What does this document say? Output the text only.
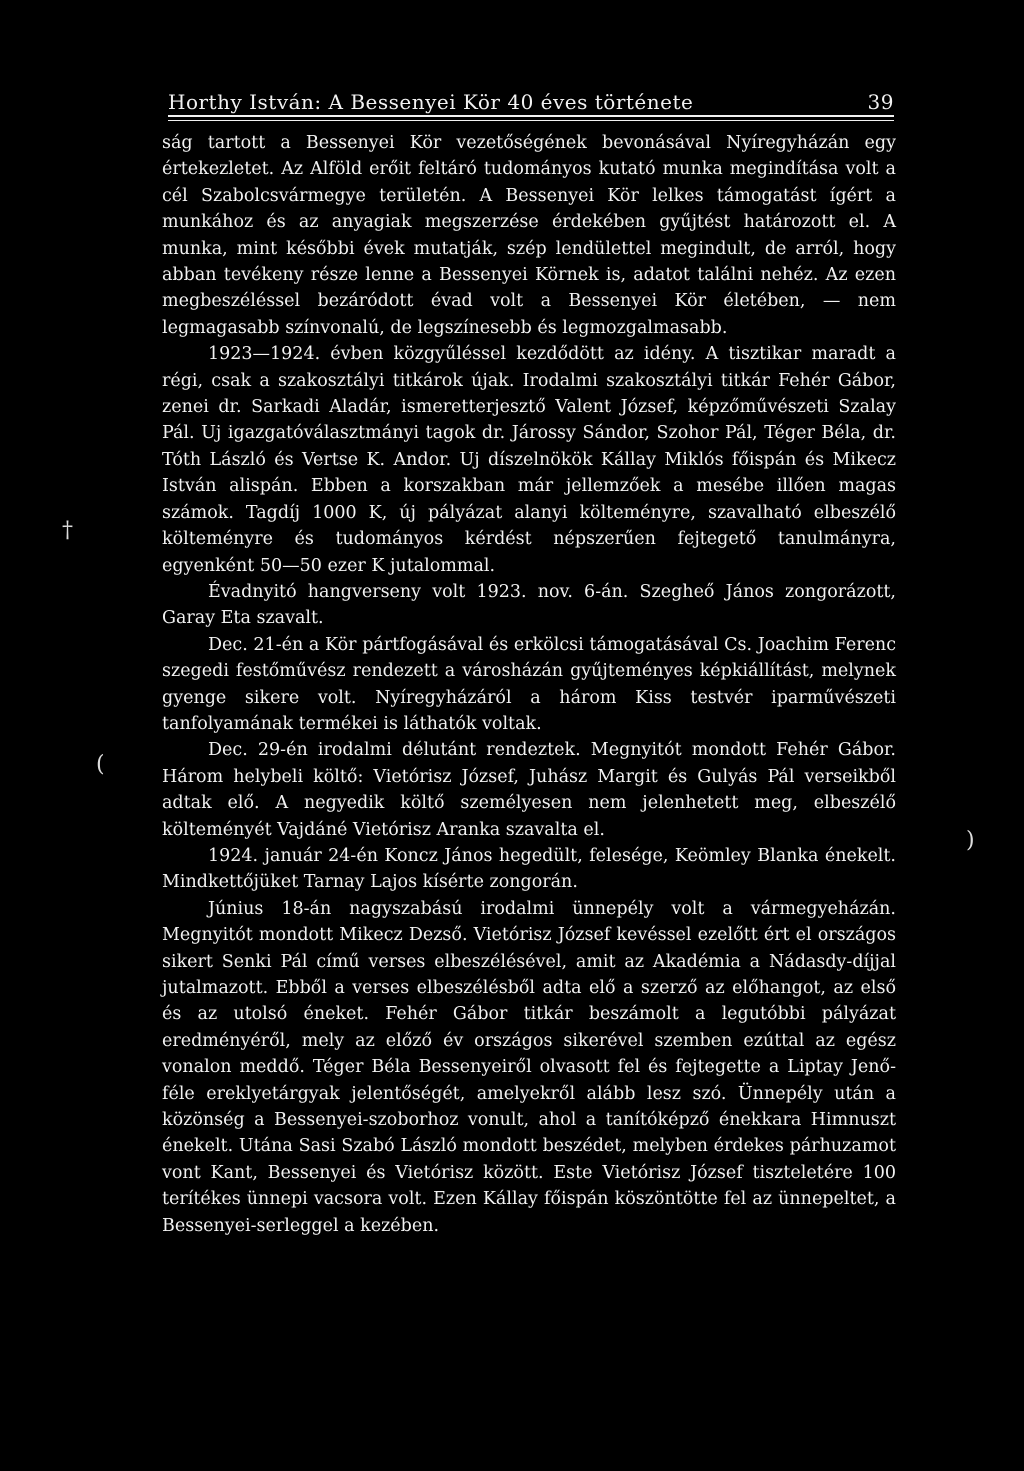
Horthy István: A Bessenyei Kör 40 éves története	39

ság tartott a Bessenyei Kör vezetőségének bevonásával Nyíregyházán egy értekezletet. Az Alföld erőit feltáró tudományos kutató munka megindítása volt a cél Szabolcsvármegye területén. A Bessenyei Kör lelkes támogatást ígért a munkához és az anyagiak megszerzése érdekében gyűjtést határozott el. A munka, mint későbbi évek mutatják, szép lendülettel megindult, de arról, hogy abban tevékeny része lenne a Bessenyei Körnek is, adatot találni nehéz. Az ezen megbeszéléssel bezáródott évad volt a Bessenyei Kör életében, — nem legmagasabb színvonalú, de legszínesebb és legmozgalmasabb.

1923—1924. évben közgyűléssel kezdődött az idény. A tisztikar maradt a régi, csak a szakosztályi titkárok újak. Irodalmi szakosztályi titkár Fehér Gábor, zenei dr. Sarkadi Aladár, ismeretterjesztő Valent József, képzőművészeti Szalay Pál. Uj igazgatóválasztmányi tagok dr. Járossy Sándor, Szohor Pál, Téger Béla, dr. Tóth László és Vertse K. Andor. Uj díszelnökök Kállay Miklós főispán és Mikecz István alispán. Ebben a korszakban már jellemzőek a mesébe illően magas számok. Tagdíj 1000 K, új pályázat alanyi költeményre, szavalható elbeszélő költeményre és tudományos kérdést népszerűen fejtegető tanulmányra, egyenként 50—50 ezer K jutalommal.

Évadnyitó hangverseny volt 1923. nov. 6-án. Szegheő János zongorázott, Garay Eta szavalt.

Dec. 21-én a Kör pártfogásával és erkölcsi támogatásával Cs. Joachim Ferenc szegedi festőművész rendezett a városházán gyűjteményes képkiállítást, melynek gyenge sikere volt. Nyíregyházáról a három Kiss testvér iparművészeti tanfolyamának termékei is láthatók voltak.

Dec. 29-én irodalmi délutánt rendeztek. Megnyitót mondott Fehér Gábor. Három helybeli költő: Vietórisz József, Juhász Margit és Gulyás Pál verseikből adtak elő. A negyedik költő személyesen nem jelenhetett meg, elbeszélő költeményét Vajdáné Vietórisz Aranka szavalta el.

1924. január 24-én Koncz János hegedült, felesége, Keömley Blanka énekelt. Mindkettőjüket Tarnay Lajos kísérte zongorán.

Június 18-án nagyszabású irodalmi ünnepély volt a vármegyeházán. Megnyitót mondott Mikecz Dezső. Vietórisz József kevéssel ezelőtt ért el országos sikert Senki Pál című verses elbeszélésével, amit az Akadémia a Nádasdy-díjjal jutalmazott. Ebből a verses elbeszélésből adta elő a szerző az előhangot, az első és az utolsó éneket. Fehér Gábor titkár beszámolt a legutóbbi pályázat eredményéről, mely az előző év országos sikerével szemben ezúttal az egész vonalon meddő. Téger Béla Bessenyeiről olvasott fel és fejtegette a Liptay Jenő-féle ereklyetárgyak jelentőségét, amelyekről alább lesz szó. Ünnepély után a közönség a Bessenyei-szoborhoz vonult, ahol a tanítóképző énekkara Himnuszt énekelt. Utána Sasi Szabó László mondott beszédet, melyben érdekes párhuzamot vont Kant, Bessenyei és Vietórisz között. Este Vietórisz József tiszteletére 100 terítékes ünnepi vacsora volt. Ezen Kállay főispán köszöntötte fel az ünnepeltet, a Bessenyei-serleggel a kezében.

†
(
)
